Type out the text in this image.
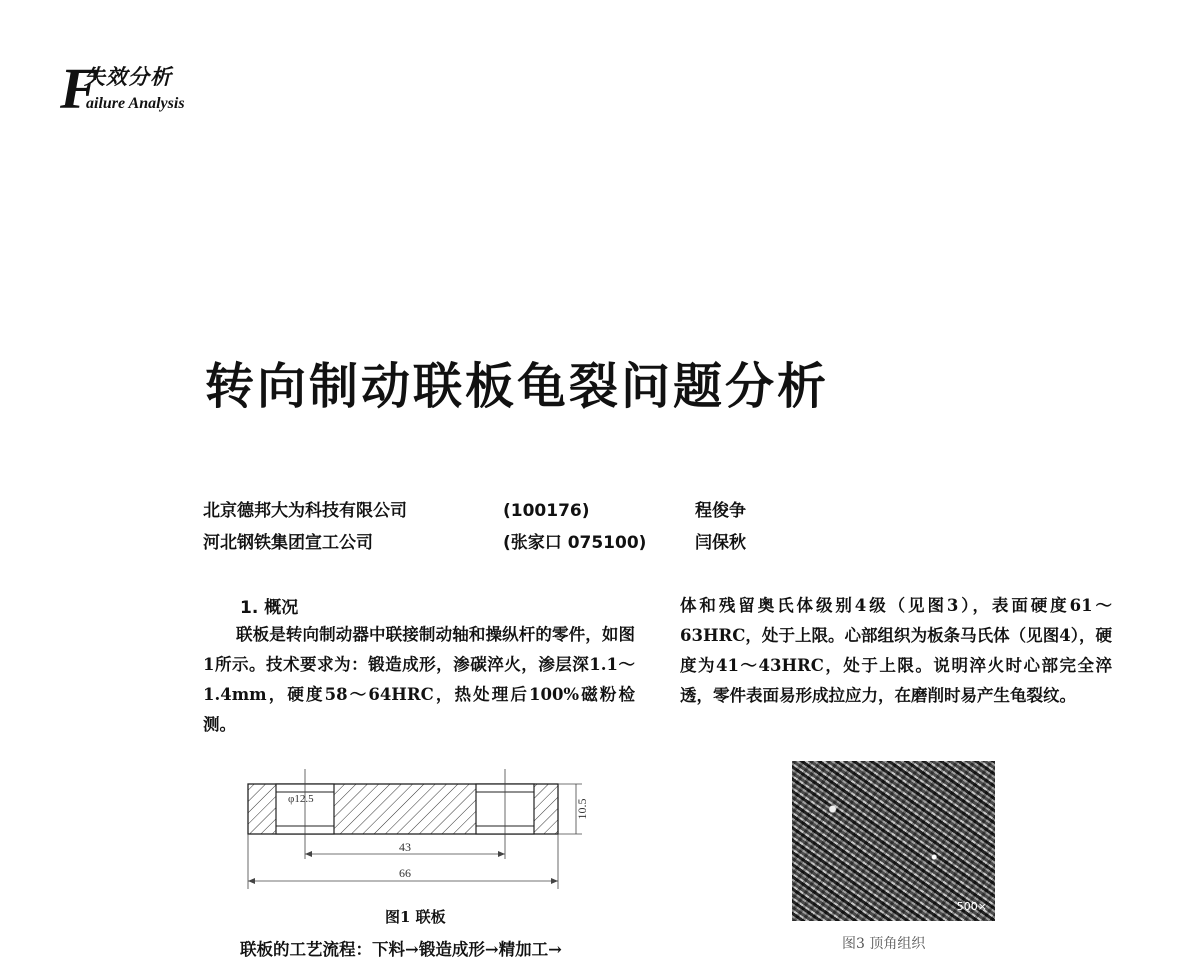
F
失效分析
ailure Analysis
转向制动联板龟裂问题分析
北京德邦大为科技有限公司	(100176)	程俊争
河北钢铁集团宣工公司	(张家口 075100)	闫保秋
1. 概况

联板是转向制动器中联接制动轴和操纵杆的零件，如图1所示。技术要求为：锻造成形，渗碳淬火，渗层深1.1～1.4mm，硬度58～64HRC，热处理后100%磁粉检测。

10.5
φ12.5
43
66
图1 联板
联板的工艺流程：下料→锻造成形→精加工→

体和残留奥氏体级别4级（见图3），表面硬度61～63HRC，处于上限。心部组织为板条马氏体（见图4），硬度为41～43HRC，处于上限。说明淬火时心部完全淬透，零件表面易形成拉应力，在磨削时易产生龟裂纹。

500×
图3 顶角组织
